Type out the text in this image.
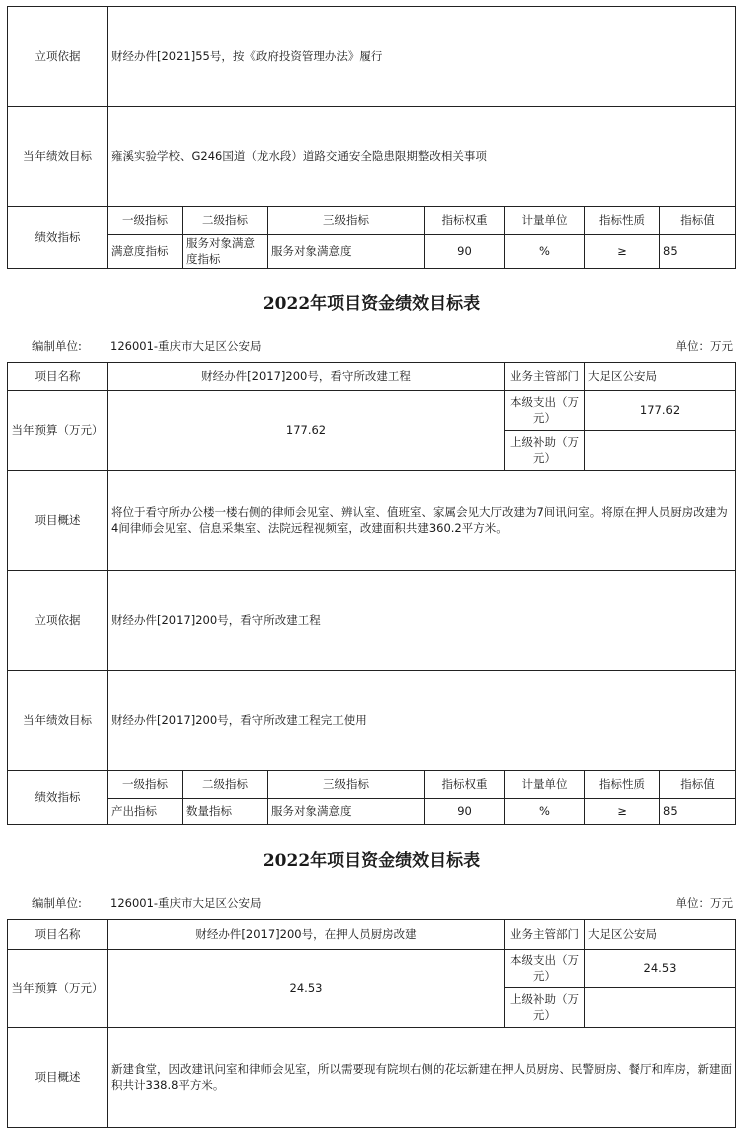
立项依据	财经办件[2021]55号，按《政府投资管理办法》履行						
当年绩效目标	雍溪实验学校、G246国道（龙水段）道路交通安全隐患限期整改相关事项						
绩效指标	一级指标	二级指标	三级指标	指标权重	计量单位	指标性质	指标值
	满意度指标	服务对象满意度指标	服务对象满意度	90	%	≥	85
2022年项目资金绩效目标表
编制单位: 126001-重庆市大足区公安局	单位：万元
项目名称	财经办件[2017]200号，看守所改建工程				业务主管部门	大足区公安局	
当年预算（万元）	177.62				本级支出（万元）	177.62	
					上级补助（万元）		
项目概述	将位于看守所办公楼一楼右侧的律师会见室、辨认室、值班室、家属会见大厅改建为7间讯问室。将原在押人员厨房改建为4间律师会见室、信息采集室、法院远程视频室，改建面积共建360.2平方米。						
立项依据	财经办件[2017]200号，看守所改建工程						
当年绩效目标	财经办件[2017]200号，看守所改建工程完工使用						
绩效指标	一级指标	二级指标	三级指标	指标权重	计量单位	指标性质	指标值
	产出指标	数量指标	服务对象满意度	90	%	≥	85
2022年项目资金绩效目标表
编制单位: 126001-重庆市大足区公安局	单位：万元
项目名称	财经办件[2017]200号，在押人员厨房改建	业务主管部门	大足区公安局
当年预算（万元）	24.53	本级支出（万元）	24.53
		上级补助（万元）	
项目概述	新建食堂，因改建讯问室和律师会见室，所以需要现有院坝右侧的花坛新建在押人员厨房、民警厨房、餐厅和库房，新建面积共计338.8平方米。		
